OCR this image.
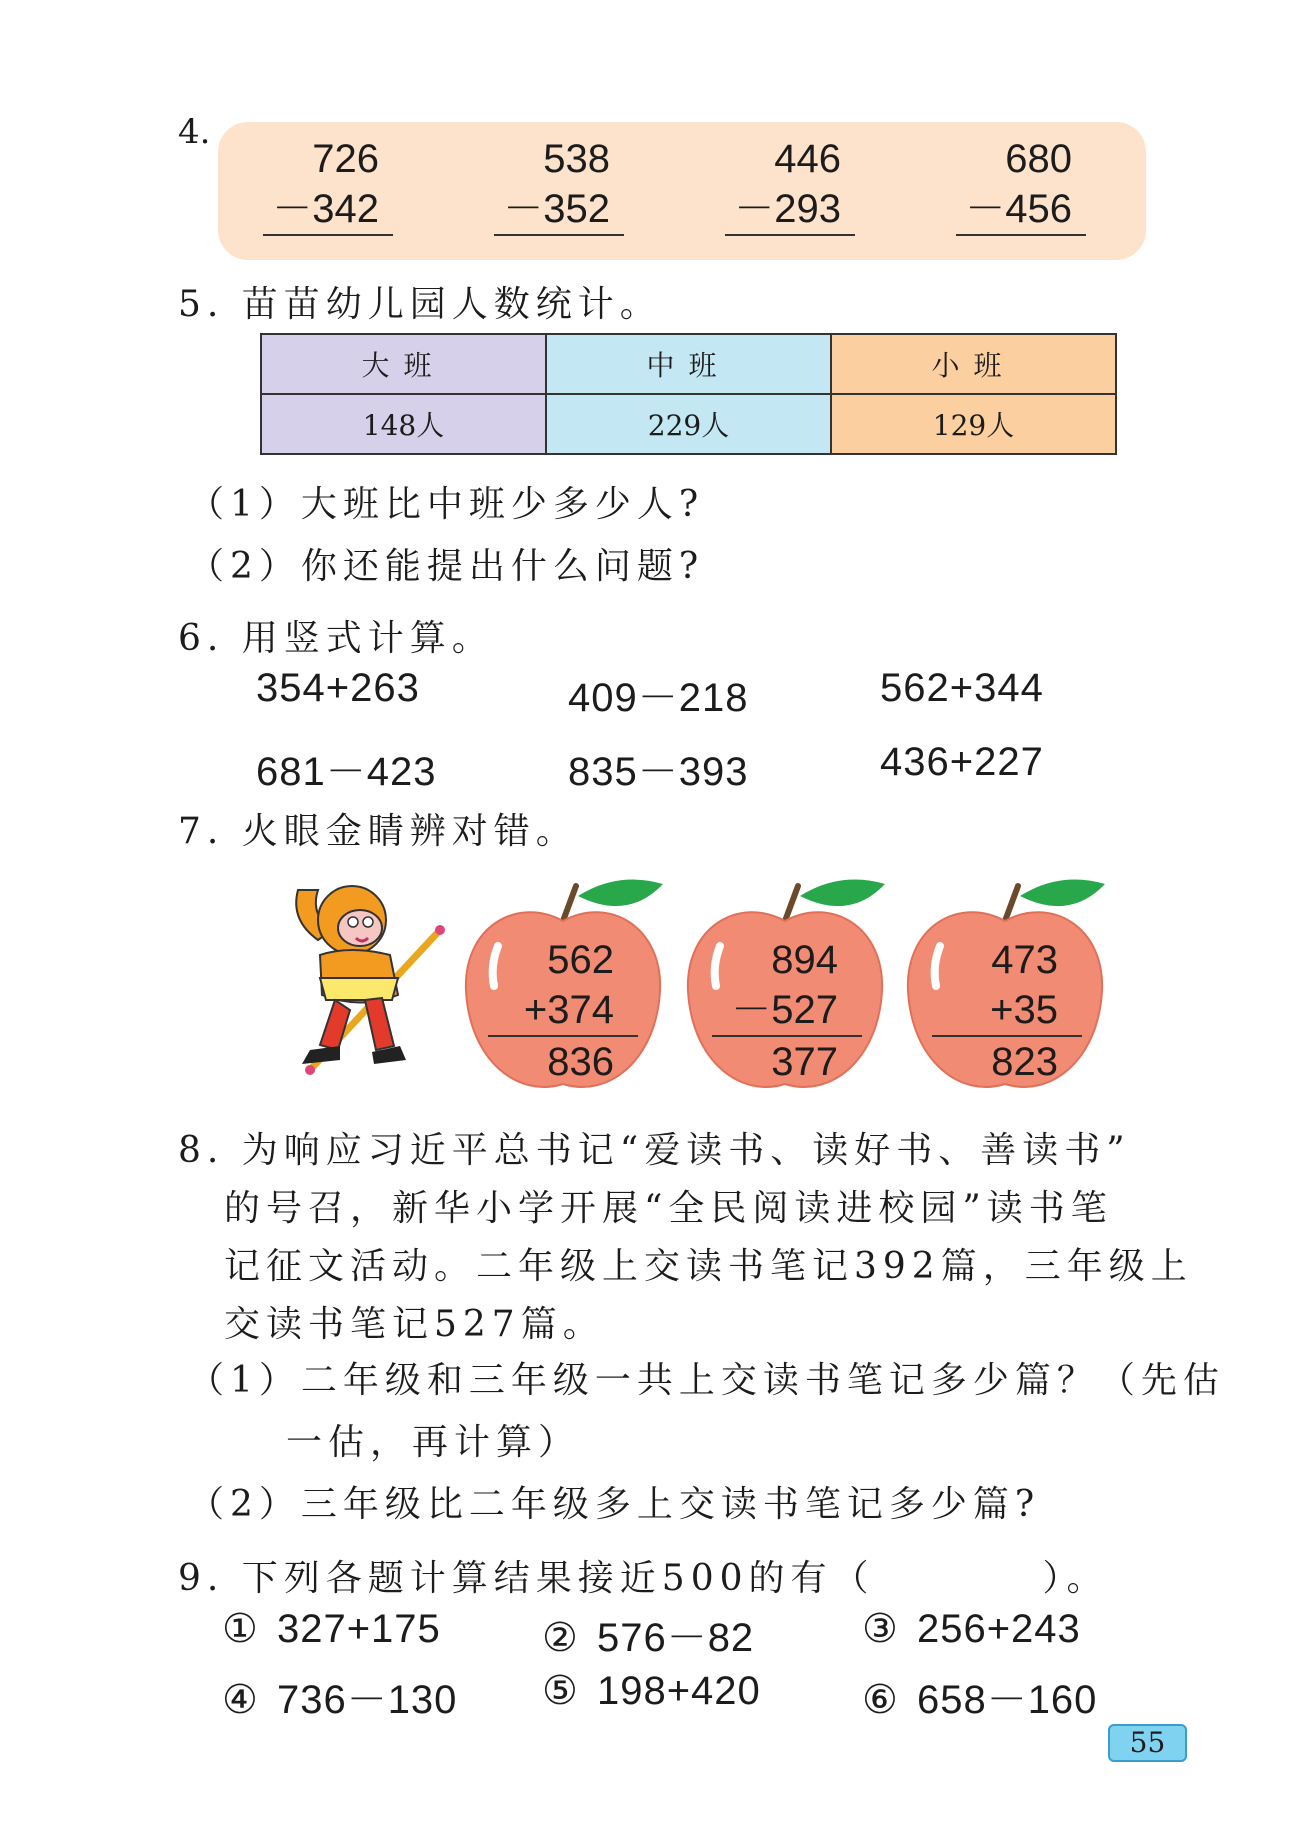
4.
726
－342
538
－352
446
－293
680
－456
5. 苗苗幼儿园人数统计。
大班	中班	小班
148人	229人	129人
（1）大班比中班少多少人?
（2）你还能提出什么问题?
6. 用竖式计算。
354+263	409－218	562+344
681－423	835－393	436+227
7. 火眼金睛辨对错。
562
+374
836
894
－527
377
473
+35
823
8. 为响应习近平总书记“爱读书、读好书、善读书”
的号召，新华小学开展“全民阅读进校园”读书笔
记征文活动。二年级上交读书笔记392篇，三年级上
交读书笔记527篇。
（1）二年级和三年级一共上交读书笔记多少篇？（先估
一估，再计算）
（2）三年级比二年级多上交读书笔记多少篇?
9. 下列各题计算结果接近500的有（　　　　）。
① 327+175	② 576－82	③ 256+243
④ 736－130 ⑤ 198+420	⑥ 658－160
55
